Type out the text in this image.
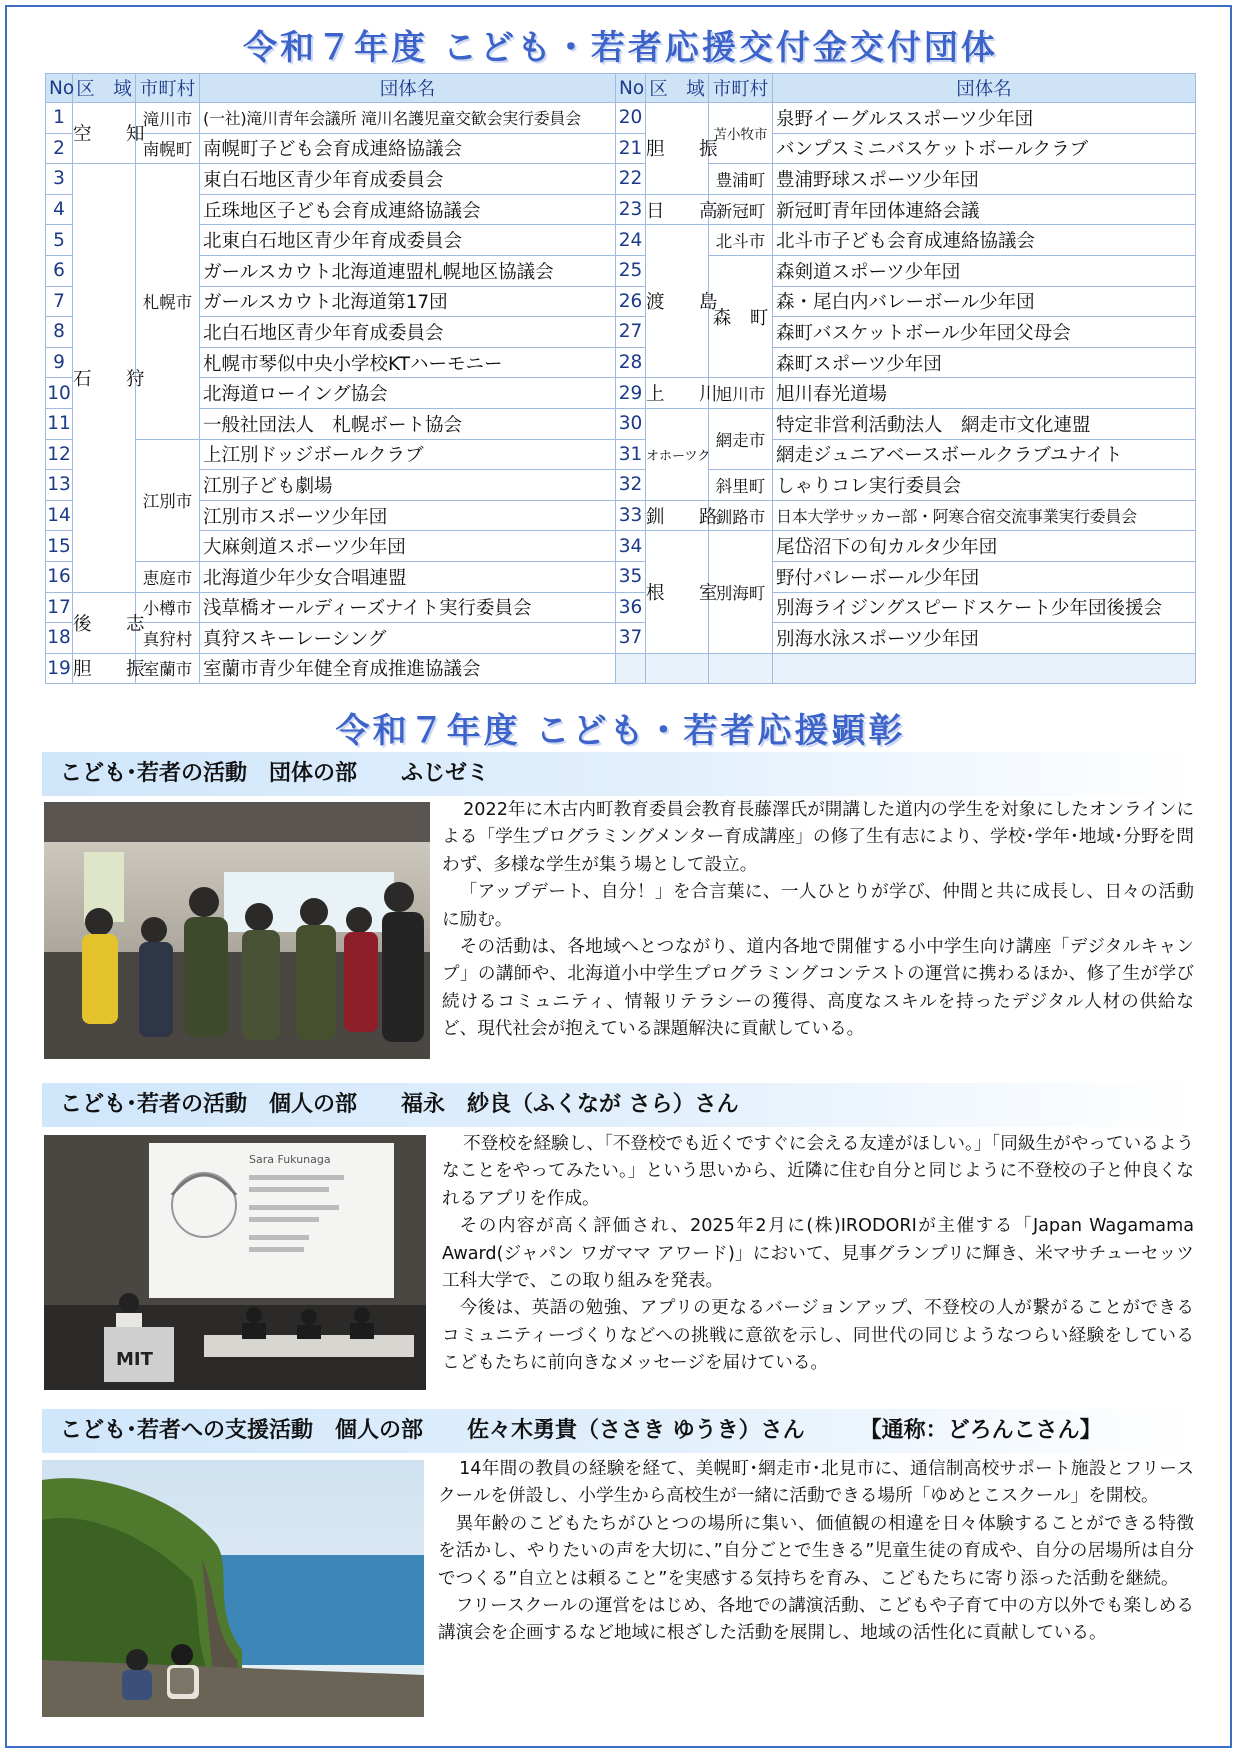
令和７年度 こども・若者応援交付金交付団体
No	区　域	市町村	団体名	No	区　域	市町村	団体名
1	空　知	滝川市	(一社)滝川青年会議所 滝川名護児童交歓会実行委員会	20	胆　振	苫小牧市	泉野イーグルススポーツ少年団
2		南幌町	南幌町子ども会育成連絡協議会	21			バンプスミニバスケットボールクラブ
3	石　狩	札幌市	東白石地区青少年育成委員会	22		豊浦町	豊浦野球スポーツ少年団
4			丘珠地区子ども会育成連絡協議会	23	日　高	新冠町	新冠町青年団体連絡会議
5			北東白石地区青少年育成委員会	24	渡　島	北斗市	北斗市子ども会育成連絡協議会
6			ガールスカウト北海道連盟札幌地区協議会	25		森　町	森剣道スポーツ少年団
7			ガールスカウト北海道第17団	26			森・尾白内バレーボール少年団
8			北白石地区青少年育成委員会	27			森町バスケットボール少年団父母会
9			札幌市琴似中央小学校KTハーモニー	28			森町スポーツ少年団
10			北海道ローイング協会	29	上　川	旭川市	旭川春光道場
11			一般社団法人　札幌ボート協会	30	オホーツク	網走市	特定非営利活動法人　網走市文化連盟
12		江別市	上江別ドッジボールクラブ	31			網走ジュニアベースボールクラブユナイト
13			江別子ども劇場	32		斜里町	しゃりコレ実行委員会
14			江別市スポーツ少年団	33	釧　路	釧路市	日本大学サッカー部・阿寒合宿交流事業実行委員会
15			大麻剣道スポーツ少年団	34	根　室	別海町	尾岱沼下の旬カルタ少年団
16		恵庭市	北海道少年少女合唱連盟	35			野付バレーボール少年団
17	後　志	小樽市	浅草橋オールディーズナイト実行委員会	36			別海ライジングスピードスケート少年団後援会
18		真狩村	真狩スキーレーシング	37			別海水泳スポーツ少年団
19	胆　振	室蘭市	室蘭市青少年健全育成推進協議会				
令和７年度 こども・若者応援顕彰
こども･若者の活動　団体の部　　ふじゼミ

2022年に木古内町教育委員会教育長藤澤氏が開講した道内の学生を対象にしたオンラインによる「学生プログラミングメンター育成講座」の修了生有志により、学校･学年･地域･分野を問わず、多様な学生が集う場として設立。

「アップデート、自分！」を合言葉に、一人ひとりが学び、仲間と共に成長し、日々の活動に励む。

その活動は、各地域へとつながり、道内各地で開催する小中学生向け講座「デジタルキャンプ」の講師や、北海道小中学生プログラミングコンテストの運営に携わるほか、修了生が学び続けるコミュニティ、情報リテラシーの獲得、高度なスキルを持ったデジタル人材の供給など、現代社会が抱えている課題解決に貢献している。

こども･若者の活動　個人の部　　福永　紗良（ふくなが さら）さん
Sara Fukunaga
MIT

不登校を経験し、「不登校でも近くですぐに会える友達がほしい。」「同級生がやっているようなことをやってみたい。」という思いから、近隣に住む自分と同じように不登校の子と仲良くなれるアプリを作成。

その内容が高く評価され、2025年2月に(株)IRODORIが主催する「Japan Wagamama Award(ジャパン ワガママ アワード)」において、見事グランプリに輝き、米マサチューセッツ工科大学で、この取り組みを発表。

今後は、英語の勉強、アプリの更なるバージョンアップ、不登校の人が繋がることができるコミュニティーづくりなどへの挑戦に意欲を示し、同世代の同じようなつらい経験をしているこどもたちに前向きなメッセージを届けている。

こども･若者への支援活動　個人の部　　佐々木勇貴（ささき ゆうき）さん　　　【通称：どろんこさん】

14年間の教員の経験を経て、美幌町･網走市･北見市に、通信制高校サポート施設とフリースクールを併設し、小学生から高校生が一緒に活動できる場所「ゆめとこスクール」を開校。

異年齢のこどもたちがひとつの場所に集い、価値観の相違を日々体験することができる特徴を活かし、やりたいの声を大切に、”自分ごとで生きる”児童生徒の育成や、自分の居場所は自分でつくる”自立とは頼ること”を実感する気持ちを育み、こどもたちに寄り添った活動を継続。

フリースクールの運営をはじめ、各地での講演活動、こどもや子育て中の方以外でも楽しめる講演会を企画するなど地域に根ざした活動を展開し、地域の活性化に貢献している。
